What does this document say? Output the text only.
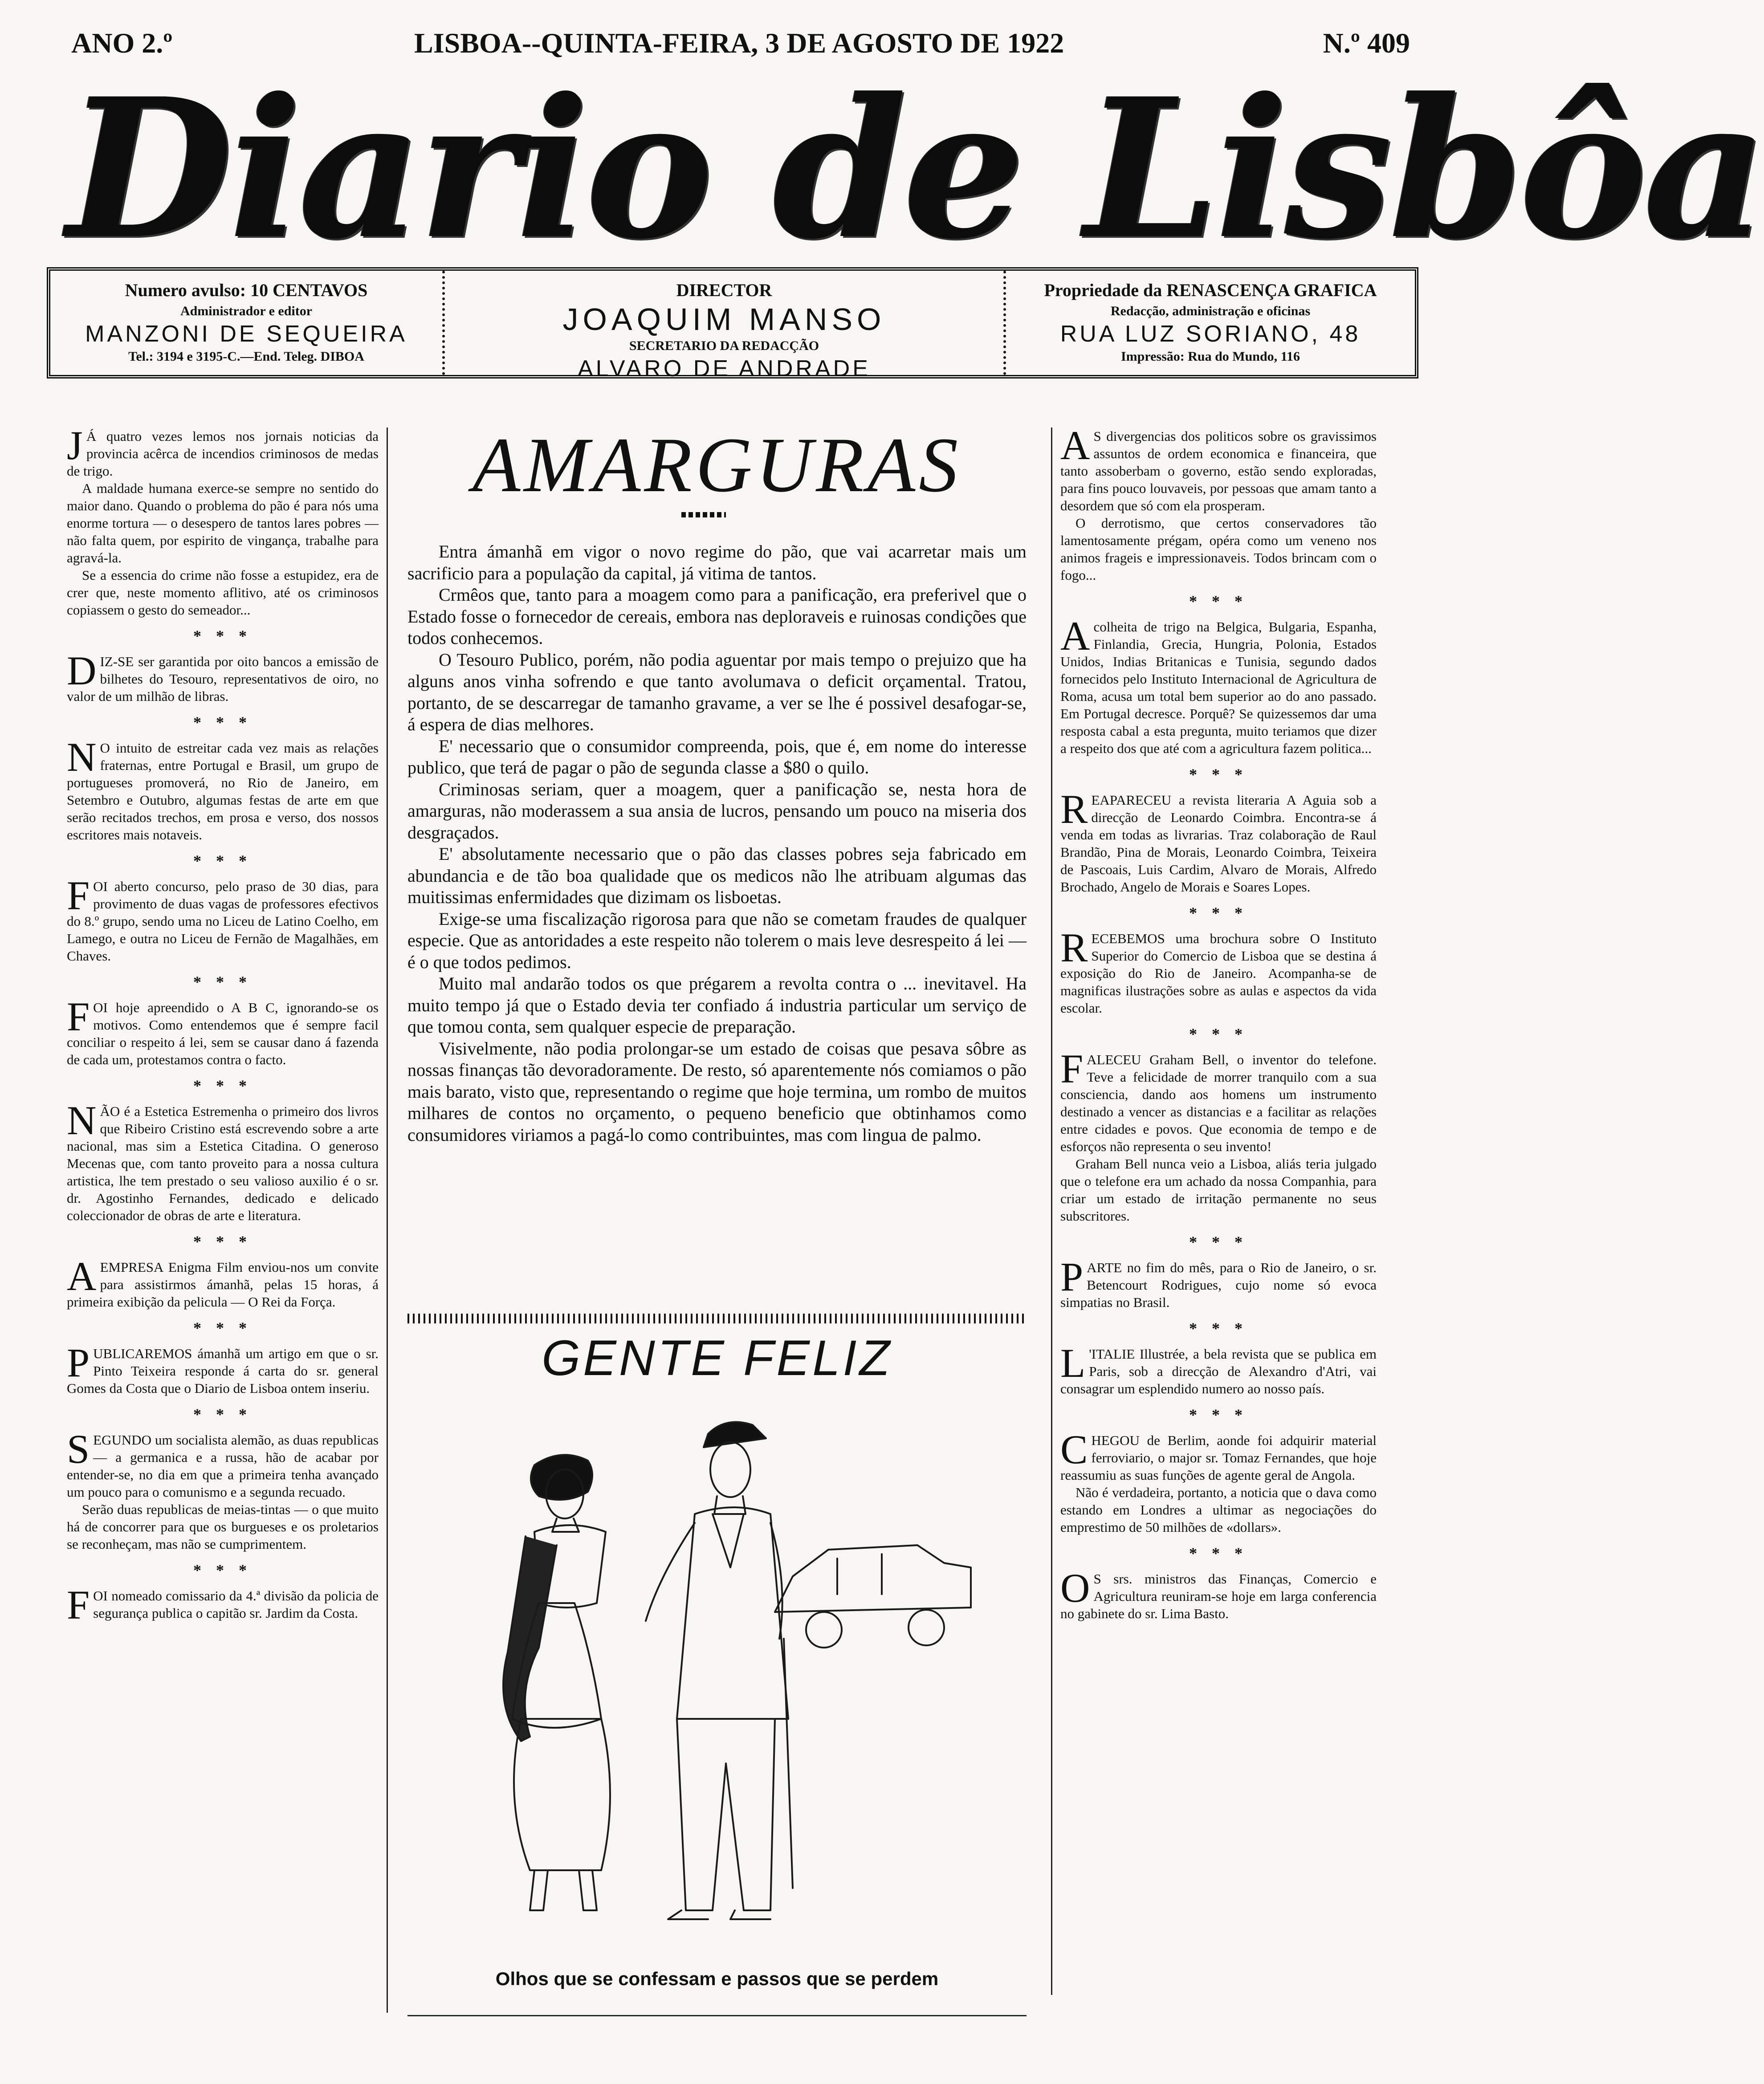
ANO 2.º	LISBOA--QUINTA-FEIRA, 3 DE AGOSTO DE 1922	N.º 409
Diario de Lisbôa
Numero avulso: 10 CENTAVOS
Administrador e editor
MANZONI DE SEQUEIRA
Tel.: 3194 e 3195-C.—End. Teleg. DIBOA
DIRECTOR
JOAQUIM MANSO
SECRETARIO DA REDACÇÃO
ALVARO DE ANDRADE
Propriedade da RENASCENÇA GRAFICA
Redacção, administração e oficinas
RUA LUZ SORIANO, 48
Impressão: Rua do Mundo, 116
J Á quatro vezes lemos nos jornais noticias da provincia acêrca de incendios criminosos de medas de trigo.

A maldade humana exerce-se sempre no sentido do maior dano. Quando o problema do pão é para nós uma enorme tortura — o desespero de tantos lares pobres — não falta quem, por espirito de vingança, trabalhe para agravá-la.

Se a essencia do crime não fosse a estupidez, era de crer que, neste momento aflitivo, até os criminosos copiassem o gesto do semeador...

* * *
D IZ-SE ser garantida por oito bancos a emissão de bilhetes do Tesouro, representativos de oiro, no valor de um milhão de libras.

* * *
N O intuito de estreitar cada vez mais as relações fraternas, entre Portugal e Brasil, um grupo de portugueses promoverá, no Rio de Janeiro, em Setembro e Outubro, algumas festas de arte em que serão recitados trechos, em prosa e verso, dos nossos escritores mais notaveis.

* * *
F OI aberto concurso, pelo praso de 30 dias, para provimento de duas vagas de professores efectivos do 8.º grupo, sendo uma no Liceu de Latino Coelho, em Lamego, e outra no Liceu de Fernão de Magalhães, em Chaves.

* * *
F OI hoje apreendido o A B C, ignorando-se os motivos. Como entendemos que é sempre facil conciliar o respeito á lei, sem se causar dano á fazenda de cada um, protestamos contra o facto.

* * *
N ÃO é a Estetica Estremenha o primeiro dos livros que Ribeiro Cristino está escrevendo sobre a arte nacional, mas sim a Estetica Citadina. O generoso Mecenas que, com tanto proveito para a nossa cultura artistica, lhe tem prestado o seu valioso auxilio é o sr. dr. Agostinho Fernandes, dedicado e delicado coleccionador de obras de arte e literatura.

* * *
A EMPRESA Enigma Film enviou-nos um convite para assistirmos ámanhã, pelas 15 horas, á primeira exibição da pelicula — O Rei da Força.

* * *
P UBLICAREMOS ámanhã um artigo em que o sr. Pinto Teixeira responde á carta do sr. general Gomes da Costa que o Diario de Lisboa ontem inseriu.

* * *
S EGUNDO um socialista alemão, as duas republicas — a germanica e a russa, hão de acabar por entender-se, no dia em que a primeira tenha avançado um pouco para o comunismo e a segunda recuado.

Serão duas republicas de meias-tintas — o que muito há de concorrer para que os burgueses e os proletarios se reconheçam, mas não se cumprimentem.

* * *
F OI nomeado comissario da 4.ª divisão da policia de segurança publica o capitão sr. Jardim da Costa.

AMARGURAS

Entra ámanhã em vigor o novo regime do pão, que vai acarretar mais um sacrificio para a população da capital, já vitima de tantos.

Crmêos que, tanto para a moagem como para a panificação, era preferivel que o Estado fosse o fornecedor de cereais, embora nas deploraveis e ruinosas condições que todos conhecemos.

O Tesouro Publico, porém, não podia aguentar por mais tempo o prejuizo que ha alguns anos vinha sofrendo e que tanto avolumava o deficit orçamental. Tratou, portanto, de se descarregar de tamanho gravame, a ver se lhe é possivel desafogar-se, á espera de dias melhores.

E' necessario que o consumidor compreenda, pois, que é, em nome do interesse publico, que terá de pagar o pão de segunda classe a $80 o quilo.

Criminosas seriam, quer a moagem, quer a panificação se, nesta hora de amarguras, não moderassem a sua ansia de lucros, pensando um pouco na miseria dos desgraçados.

E' absolutamente necessario que o pão das classes pobres seja fabricado em abundancia e de tão boa qualidade que os medicos não lhe atribuam algumas das muitissimas enfermidades que dizimam os lisboetas.

Exige-se uma fiscalização rigorosa para que não se cometam fraudes de qualquer especie. Que as antoridades a este respeito não tolerem o mais leve desrespeito á lei — é o que todos pedimos.

Muito mal andarão todos os que prégarem a revolta contra o ... inevitavel. Ha muito tempo já que o Estado devia ter confiado á industria particular um serviço de que tomou conta, sem qualquer especie de preparação.

Visivelmente, não podia prolongar-se um estado de coisas que pesava sôbre as nossas finanças tão devoradoramente. De resto, só aparentemente nós comiamos o pão mais barato, visto que, representando o regime que hoje termina, um rombo de muitos milhares de contos no orçamento, o pequeno beneficio que obtinhamos como consumidores viriamos a pagá-lo como contribuintes, mas com lingua de palmo.

GENTE FELIZ
Olhos que se confessam e passos que se perdem
A S divergencias dos politicos sobre os gravissimos assuntos de ordem economica e financeira, que tanto assoberbam o governo, estão sendo exploradas, para fins pouco louvaveis, por pessoas que amam tanto a desordem que só com ela prosperam.

O derrotismo, que certos conservadores tão lamentosamente prégam, opéra como um veneno nos animos frageis e impressionaveis. Todos brincam com o fogo...

* * *
A colheita de trigo na Belgica, Bulgaria, Espanha, Finlandia, Grecia, Hungria, Polonia, Estados Unidos, Indias Britanicas e Tunisia, segundo dados fornecidos pelo Instituto Internacional de Agricultura de Roma, acusa um total bem superior ao do ano passado. Em Portugal decresce. Porquê? Se quizessemos dar uma resposta cabal a esta pregunta, muito teriamos que dizer a respeito dos que até com a agricultura fazem politica...

* * *
R EAPARECEU a revista literaria A Aguia sob a direcção de Leonardo Coimbra. Encontra-se á venda em todas as livrarias. Traz colaboração de Raul Brandão, Pina de Morais, Leonardo Coimbra, Teixeira de Pascoais, Luis Cardim, Alvaro de Morais, Alfredo Brochado, Angelo de Morais e Soares Lopes.

* * *
R ECEBEMOS uma brochura sobre O Instituto Superior do Comercio de Lisboa que se destina á exposição do Rio de Janeiro. Acompanha-se de magnificas ilustrações sobre as aulas e aspectos da vida escolar.

* * *
F ALECEU Graham Bell, o inventor do telefone. Teve a felicidade de morrer tranquilo com a sua consciencia, dando aos homens um instrumento destinado a vencer as distancias e a facilitar as relações entre cidades e povos. Que economia de tempo e de esforços não representa o seu invento!

Graham Bell nunca veio a Lisboa, aliás teria julgado que o telefone era um achado da nossa Companhia, para criar um estado de irritação permanente no seus subscritores.

* * *
P ARTE no fim do mês, para o Rio de Janeiro, o sr. Betencourt Rodrigues, cujo nome só evoca simpatias no Brasil.

* * *
L 'ITALIE Illustrée, a bela revista que se publica em Paris, sob a direcção de Alexandro d'Atri, vai consagrar um esplendido numero ao nosso país.

* * *
C HEGOU de Berlim, aonde foi adquirir material ferroviario, o major sr. Tomaz Fernandes, que hoje reassumiu as suas funções de agente geral de Angola.

Não é verdadeira, portanto, a noticia que o dava como estando em Londres a ultimar as negociações do emprestimo de 50 milhões de «dollars».

* * *
O S srs. ministros das Finanças, Comercio e Agricultura reuniram-se hoje em larga conferencia no gabinete do sr. Lima Basto.
